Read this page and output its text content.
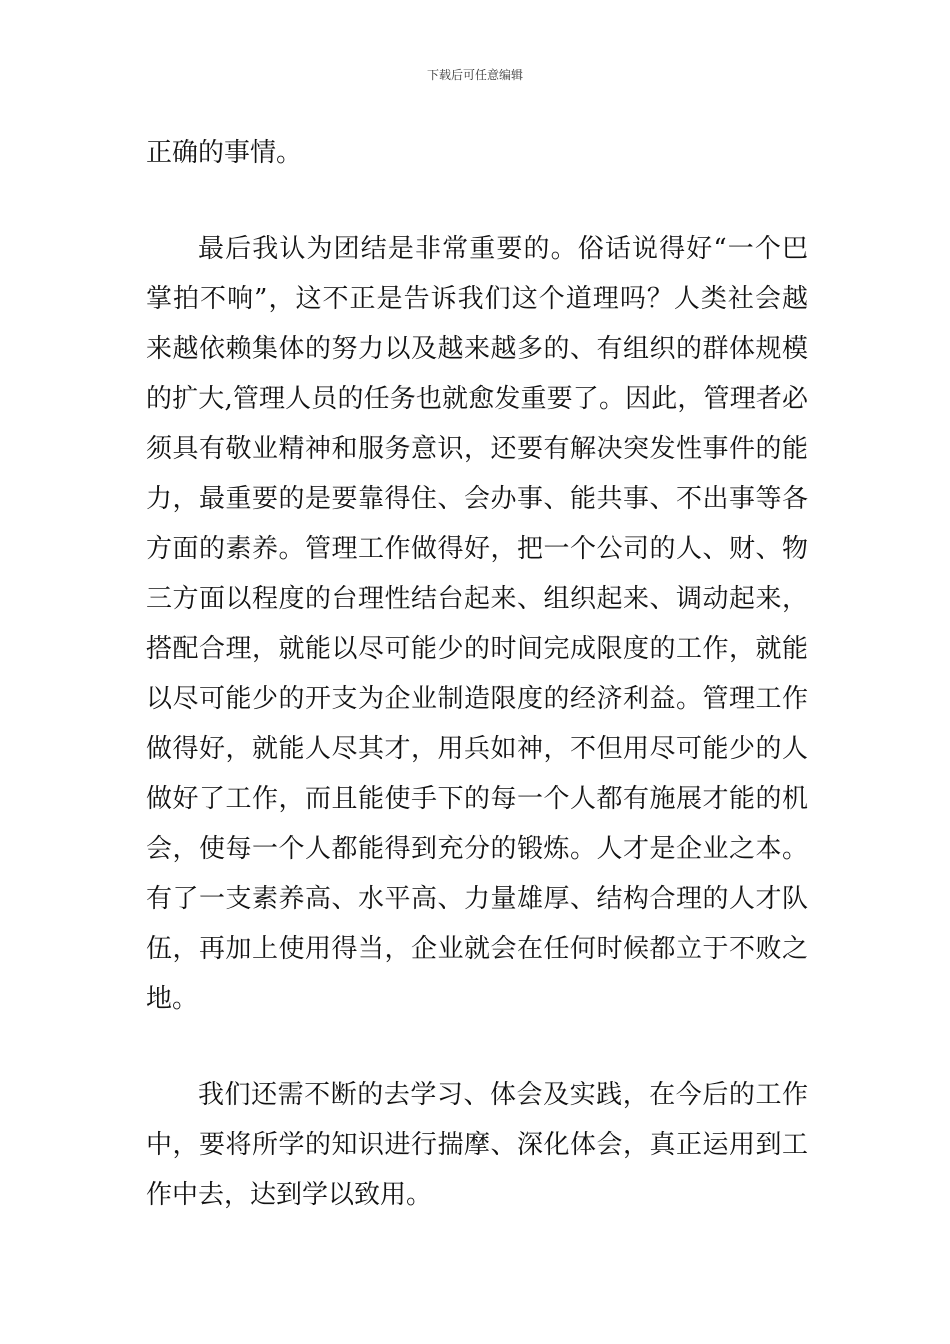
下载后可任意编辑

正确的事情。

最后我认为团结是非常重要的。俗话说得好“一个巴掌拍不响”，这不正是告诉我们这个道理吗？人类社会越来越依赖集体的努力以及越来越多的、有组织的群体规模的扩大,管理人员的任务也就愈发重要了。因此，管理者必须具有敬业精神和服务意识，还要有解决突发性事件的能力，最重要的是要靠得住、会办事、能共事、不出事等各方面的素养。管理工作做得好，把一个公司的人、财、物三方面以程度的台理性结台起来、组织起来、调动起来，搭配合理，就能以尽可能少的时间完成限度的工作，就能以尽可能少的开支为企业制造限度的经济利益。管理工作做得好，就能人尽其才，用兵如神，不但用尽可能少的人做好了工作，而且能使手下的每一个人都有施展才能的机会，使每一个人都能得到充分的锻炼。人才是企业之本。有了一支素养高、水平高、力量雄厚、结构合理的人才队伍，再加上使用得当，企业就会在任何时候都立于不败之地。

我们还需不断的去学习、体会及实践，在今后的工作中，要将所学的知识进行揣摩、深化体会，真正运用到工作中去，达到学以致用。
